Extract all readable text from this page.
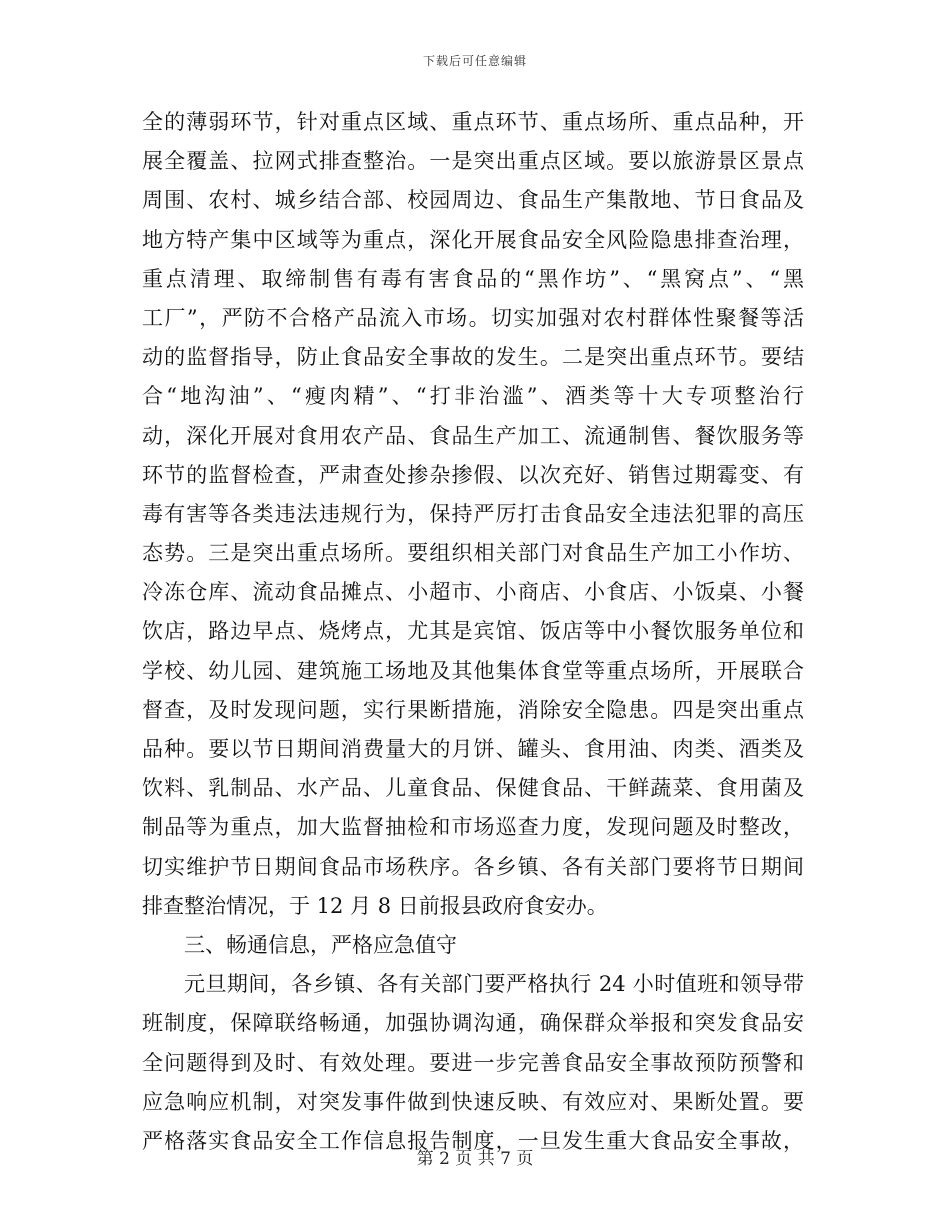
下载后可任意编辑
全的薄弱环节，针对重点区域、重点环节、重点场所、重点品种，开
展全覆盖、拉网式排查整治。一是突出重点区域。要以旅游景区景点
周围、农村、城乡结合部、校园周边、食品生产集散地、节日食品及
地方特产集中区域等为重点，深化开展食品安全风险隐患排查治理，
重点清理、取缔制售有毒有害食品的“黑作坊”、“黑窝点”、“黑
工厂”，严防不合格产品流入市场。切实加强对农村群体性聚餐等活
动的监督指导，防止食品安全事故的发生。二是突出重点环节。要结
合“地沟油”、“瘦肉精”、“打非治滥”、酒类等十大专项整治行
动，深化开展对食用农产品、食品生产加工、流通制售、餐饮服务等
环节的监督检查，严肃查处掺杂掺假、以次充好、销售过期霉变、有
毒有害等各类违法违规行为，保持严厉打击食品安全违法犯罪的高压
态势。三是突出重点场所。要组织相关部门对食品生产加工小作坊、
冷冻仓库、流动食品摊点、小超市、小商店、小食店、小饭桌、小餐
饮店，路边早点、烧烤点，尤其是宾馆、饭店等中小餐饮服务单位和
学校、幼儿园、建筑施工场地及其他集体食堂等重点场所，开展联合
督查，及时发现问题，实行果断措施，消除安全隐患。四是突出重点
品种。要以节日期间消费量大的月饼、罐头、食用油、肉类、酒类及
饮料、乳制品、水产品、儿童食品、保健食品、干鲜蔬菜、食用菌及
制品等为重点，加大监督抽检和市场巡查力度，发现问题及时整改，
切实维护节日期间食品市场秩序。各乡镇、各有关部门要将节日期间
排查整治情况，于 12 月 8 日前报县政府食安办。
三、畅通信息，严格应急值守
元旦期间，各乡镇、各有关部门要严格执行 24 小时值班和领导带
班制度，保障联络畅通，加强协调沟通，确保群众举报和突发食品安
全问题得到及时、有效处理。要进一步完善食品安全事故预防预警和
应急响应机制，对突发事件做到快速反映、有效应对、果断处置。要
严格落实食品安全工作信息报告制度，一旦发生重大食品安全事故，
第 2 页 共 7 页
